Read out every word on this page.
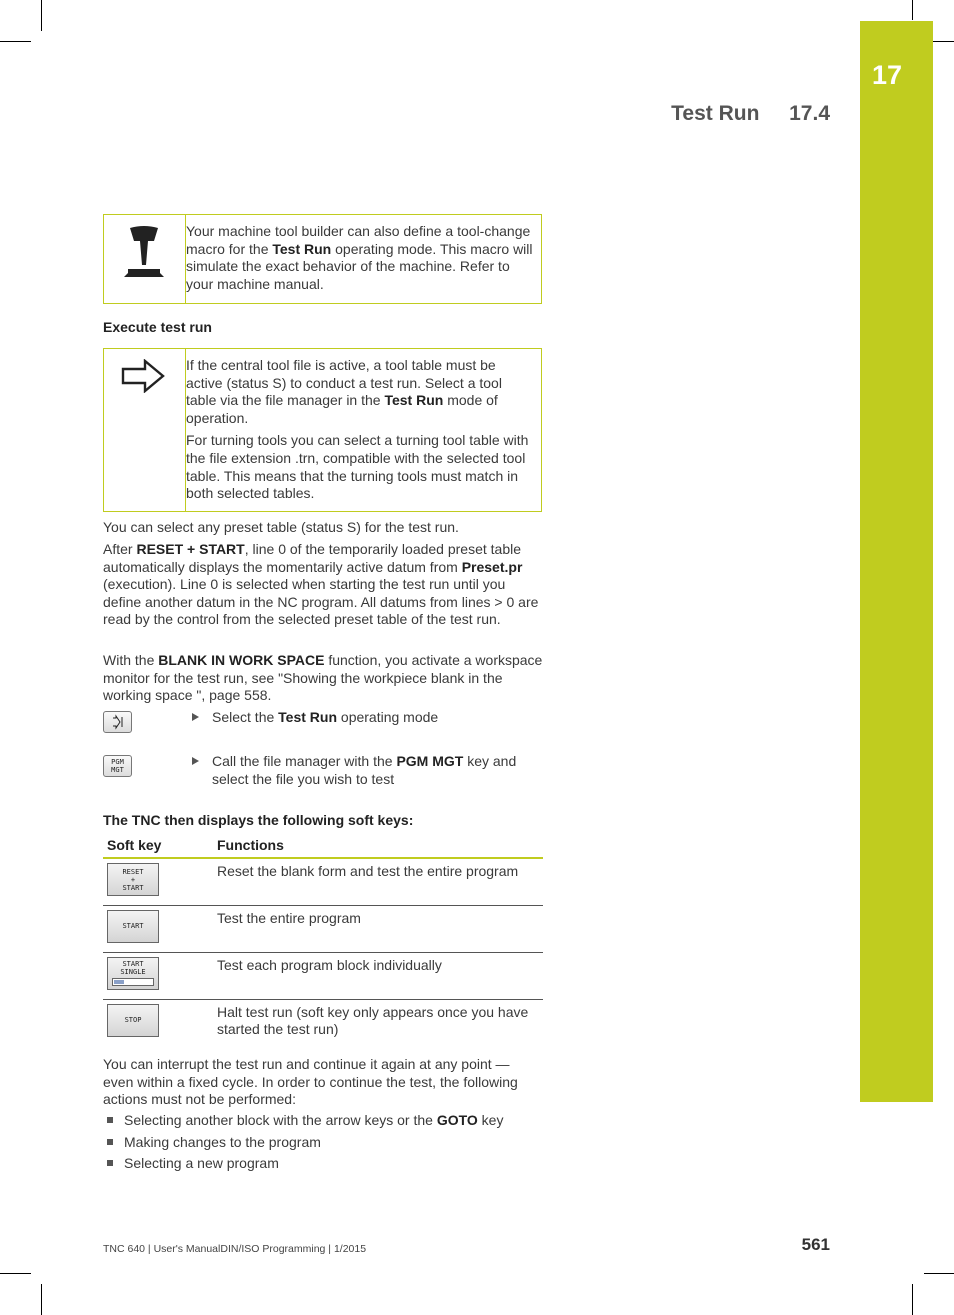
17
Test Run 17.4

Your machine tool builder can also define a tool-change macro for the Test Run operating mode. This macro will simulate the exact behavior of the machine. Refer to your machine manual.

Execute test run

If the central tool file is active, a tool table must be active (status S) to conduct a test run. Select a tool table via the file manager in the Test Run mode of operation.

For turning tools you can select a turning tool table with the file extension .trn, compatible with the selected tool table. This means that the turning tools must match in both selected tables.

You can select any preset table (status S) for the test run.

After RESET + START, line 0 of the temporarily loaded preset table automatically displays the momentarily active datum from Preset.pr (execution). Line 0 is selected when starting the test run until you define another datum in the NC program. All datums from lines > 0 are read by the control from the selected preset table of the test run.

With the BLANK IN WORK SPACE function, you activate a workspace monitor for the test run, see "Showing the workpiece blank in the working space ", page 558.

Select the Test Run operating mode
PGM MGT
Call the file manager with the PGM MGT key and select the file you wish to test
The TNC then displays the following soft keys:
Soft key	Functions

RESET
+
START	Reset the blank form and test the entire program

START	Test the entire program

START
SINGLE	Test each program block individually

STOP	Halt test run (soft key only appears once you have started the test run)

You can interrupt the test run and continue it again at any point — even within a fixed cycle. In order to continue the test, the following actions must not be performed:

Selecting another block with the arrow keys or the GOTO key
Making changes to the program
Selecting a new program
TNC 640 | User's ManualDIN/ISO Programming | 1/2015	561
